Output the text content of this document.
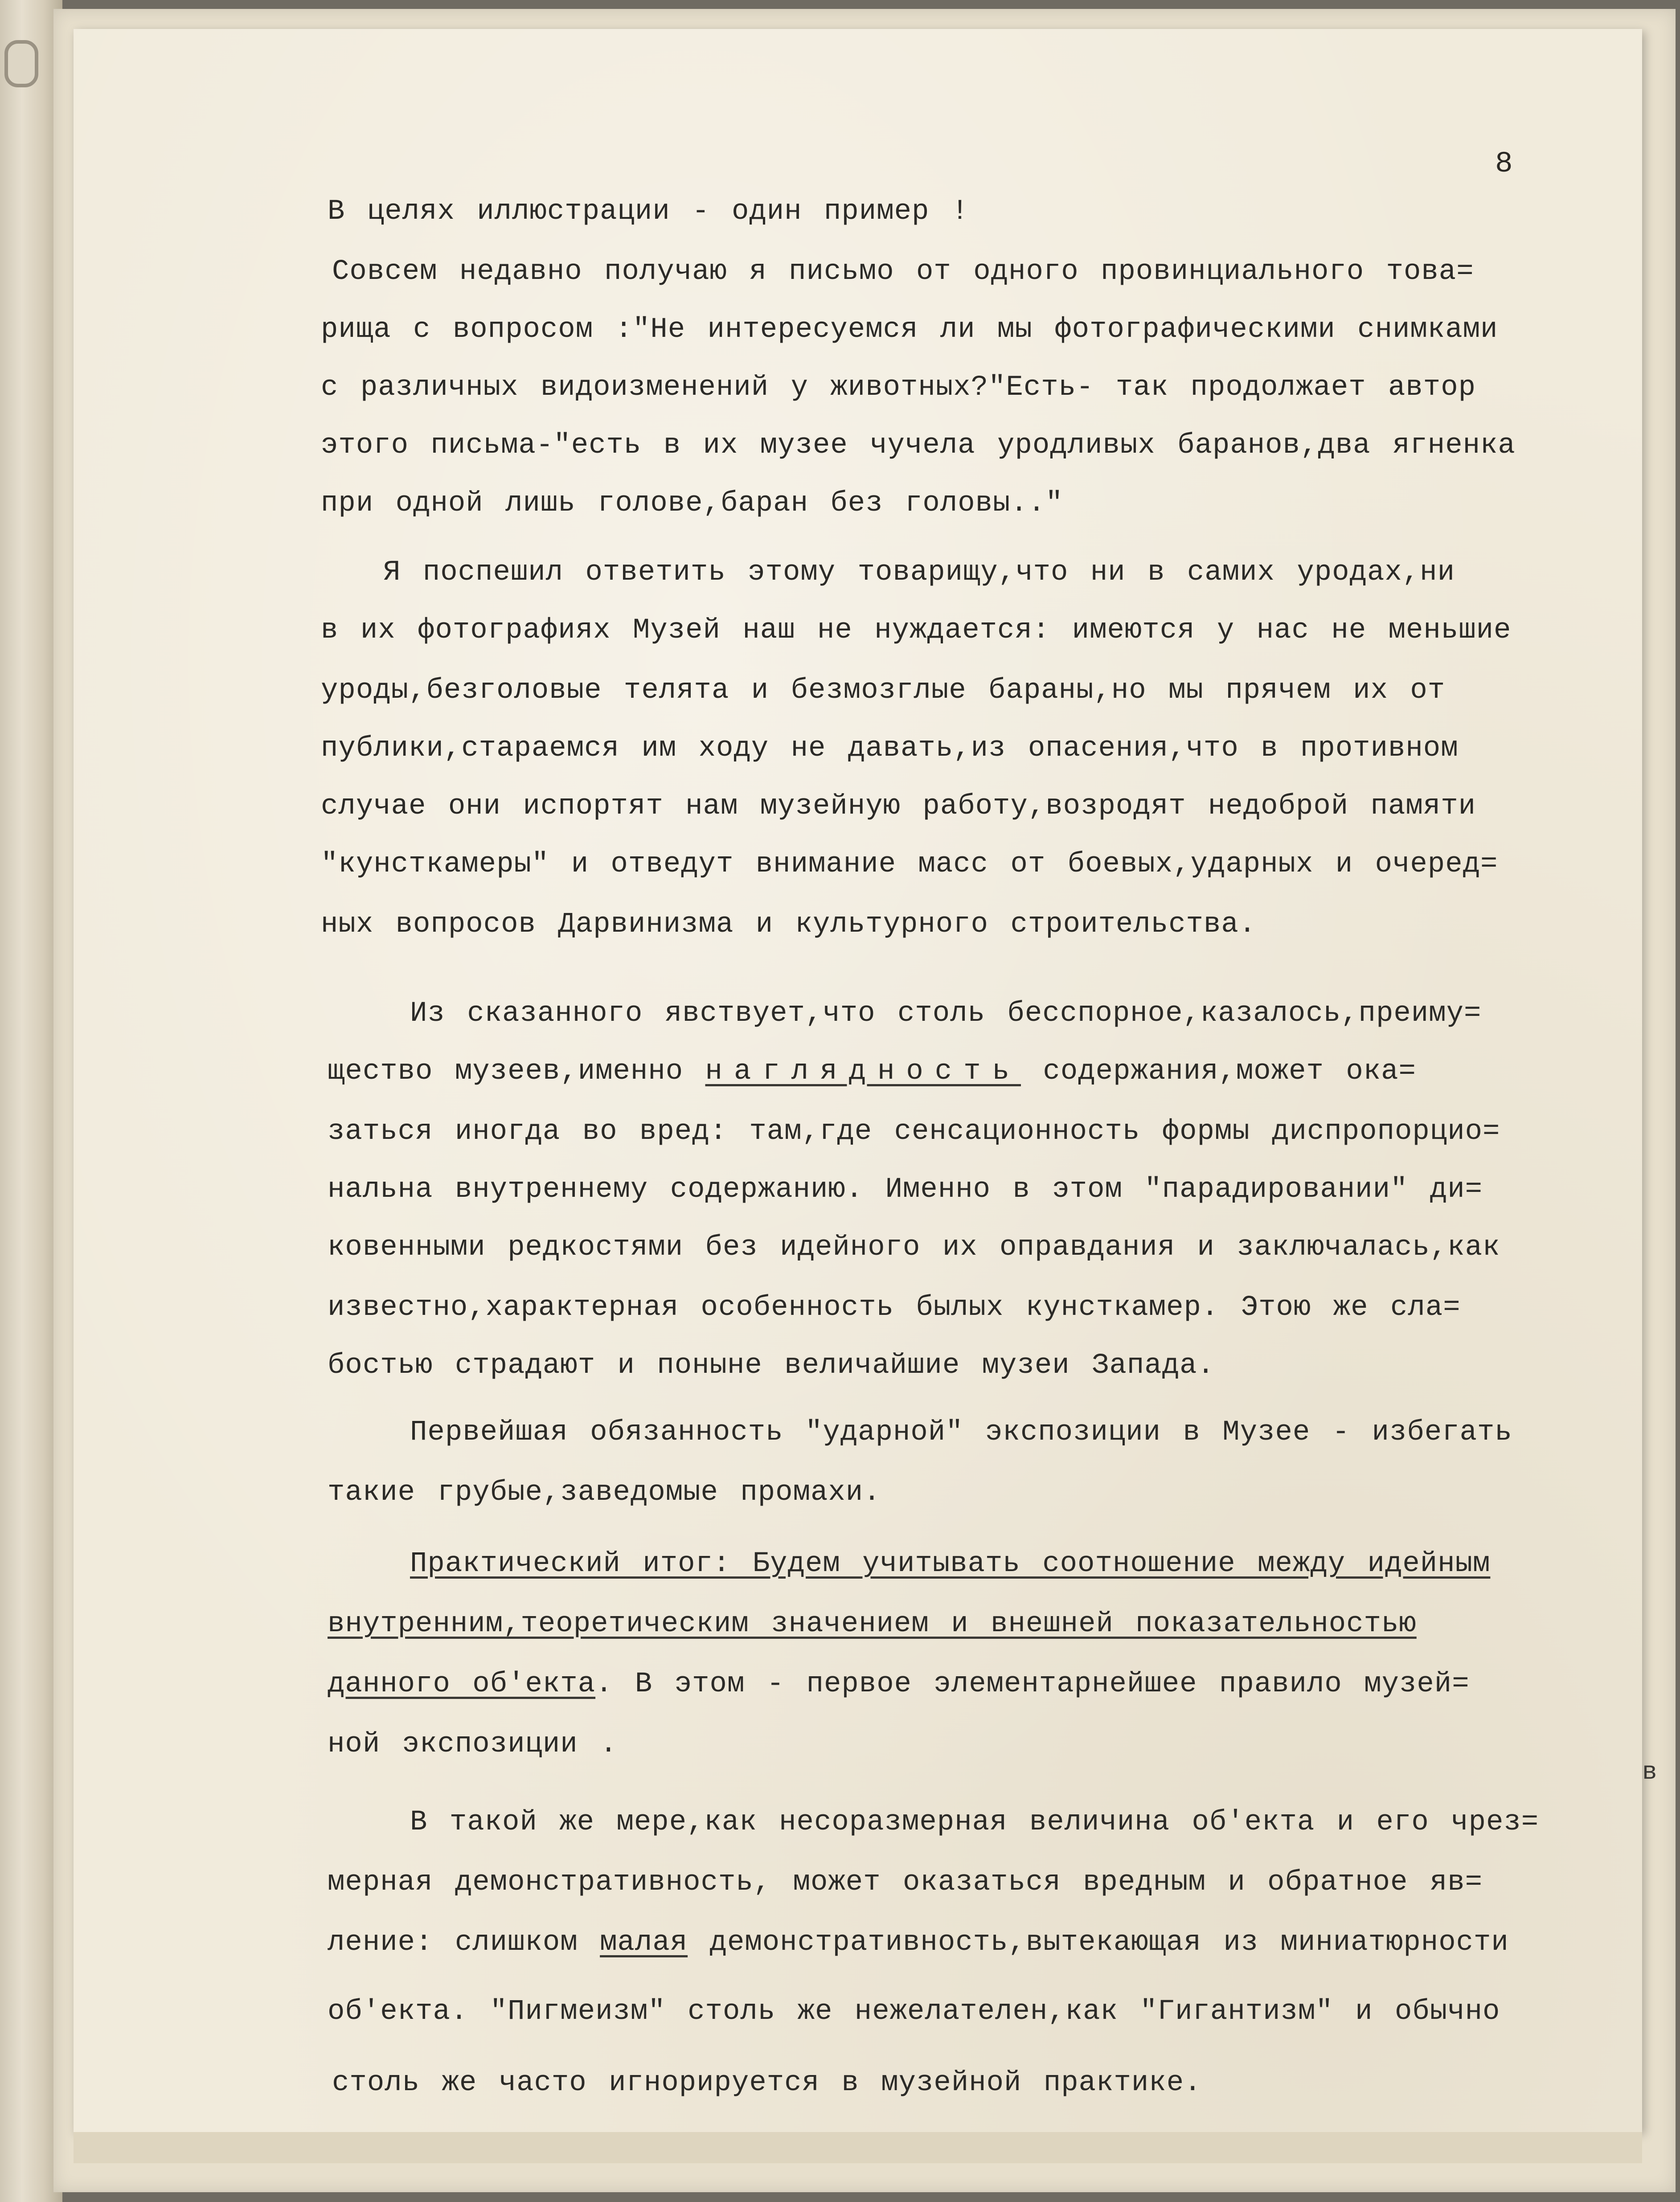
8
В целях иллюстрации - один пример !
Совсем недавно получаю я письмо от одного провинциального това=
рища с вопросом :"Не интересуемся ли мы фотографическими снимками
с различных видоизменений у животных?"Есть- так продолжает автор
этого письма-"есть в их музее чучела уродливых баранов,два ягненка
при одной лишь голове,баран без головы.."
Я поспешил ответить этому товарищу,что ни в самих уродах,ни
в их фотографиях Музей наш не нуждается: имеются у нас не меньшие
уроды,безголовые телята и безмозглые бараны,но мы прячем их от
публики,стараемся им ходу не давать,из опасения,что в противном
случае они испортят нам музейную работу,возродят недоброй памяти
"кунсткамеры" и отведут внимание масс от боевых,ударных и очеред=
ных вопросов Дарвинизма и культурного строительства.
Из сказанного явствует,что столь бесспорное,казалось,преиму=
щество музеев,именно наглядность содержания,может ока=
заться иногда во вред: там,где сенсационность формы диспропорцио=
нальна внутреннему содержанию. Именно в этом "парадировании" ди=
ковенными редкостями без идейного их оправдания и заключалась,как
известно,характерная особенность былых кунсткамер. Этою же сла=
бостью страдают и поныне величайшие музеи Запада.
Первейшая обязанность "ударной" экспозиции в Музее - избегать
такие грубые,заведомые промахи.
Практический итог: Будем учитывать соотношение между идейным
внутренним,теоретическим значением и внешней показательностью
данного об'екта. В этом - первое элементарнейшее правило музей=
ной экспозиции .
В такой же мере,как несоразмерная величина об'екта и его чрез=
мерная демонстративность, может оказаться вредным и обратное яв=
ление: слишком малая демонстративность,вытекающая из миниатюрности
об'екта. "Пигмеизм" столь же нежелателен,как "Гигантизм" и обычно
столь же часто игнорируется в музейной практике.
в
